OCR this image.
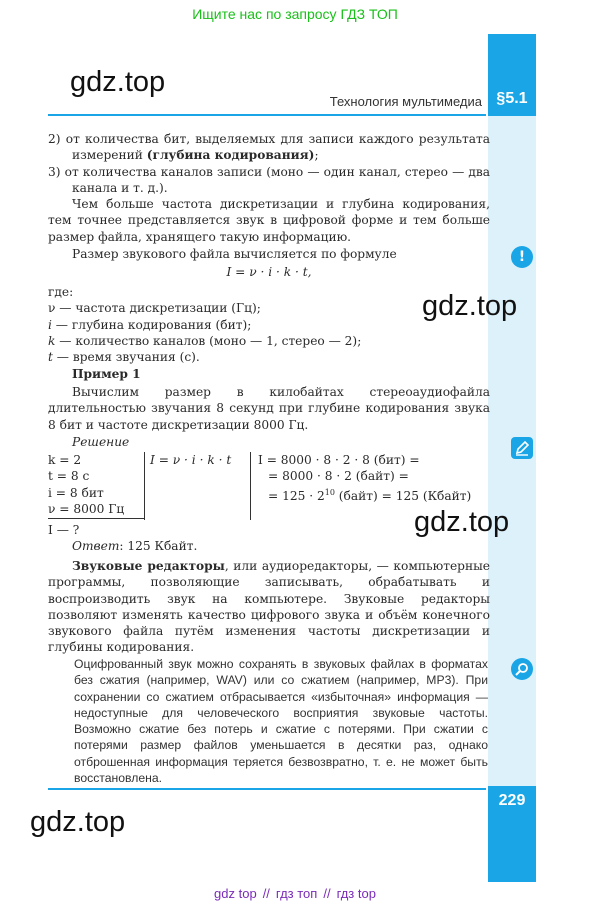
Ищите нас по запросу ГДЗ ТОП
§5.1
229
Технология мультимедиа
gdz.top
gdz.top
gdz.top
gdz.top
!

2) от количества бит, выделяемых для записи каждого результата измерений (глубина кодирования);

3) от количества каналов записи (моно — один канал, стерео — два канала и т. д.).

Чем больше частота дискретизации и глубина кодирования, тем точнее представляется звук в цифровой форме и тем больше размер файла, хранящего такую информацию.

Размер звукового файла вычисляется по формуле

I = ν · i · k · t,

где:

ν — частота дискретизации (Гц);

i — глубина кодирования (бит);

k — количество каналов (моно — 1, стерео — 2);

t — время звучания (с).

Пример 1

Вычислим размер в килобайтах стереоаудиофайла длительностью звучания 8 секунд при глубине кодирования звука 8 бит и частоте дискретизации 8000 Гц.

Решение
k = 2
t = 8 с
i = 8 бит
ν = 8000 Гц
I — ?
I = ν · i · k · t I = 8000 · 8 · 2 · 8 (бит) =
= 8000 · 8 · 2 (байт) =
= $125 \cdot 2^{10}$ (байт) = 125 (Кбайт)
Ответ: 125 Кбайт.

Звуковые редакторы, или аудиоредакторы, — компьютерные программы, позволяющие записывать, обрабатывать и воспроизводить звук на компьютере. Звуковые редакторы позволяют изменять качество цифрового звука и объём конечного звукового файла путём изменения частоты дискретизации и глубины кодирования.

Оцифрованный звук можно сохранять в звуковых файлах в форматах без сжатия (например, WAV) или со сжатием (например, MP3). При сохранении со сжатием отбрасывается «избыточная» информация — недоступные для человеческого восприятия звуковые частоты. Возможно сжатие без потерь и сжатие с потерями. При сжатии с потерями размер файлов уменьшается в десятки раз, однако отброшенная информация теряется безвозвратно, т. е. не может быть восстановлена.
gdz top // гдз топ // гдз top
